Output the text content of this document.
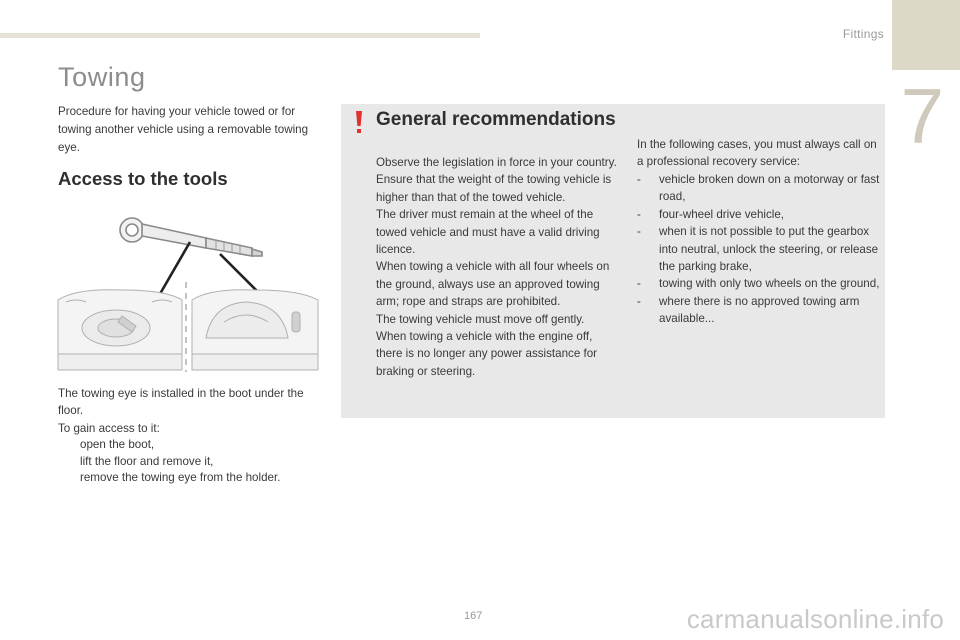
Fittings
7
Towing

Procedure for having your vehicle towed or for towing another vehicle using a removable towing eye.

Access to the tools

The towing eye is installed in the boot under the floor.
To gain access to it:

open the boot,
lift the floor and remove it,
remove the towing eye from the holder.
General recommendations

Observe the legislation in force in your country.
Ensure that the weight of the towing vehicle is higher than that of the towed vehicle.
The driver must remain at the wheel of the towed vehicle and must have a valid driving licence.
When towing a vehicle with all four wheels on the ground, always use an approved towing arm; rope and straps are prohibited.
The towing vehicle must move off gently.
When towing a vehicle with the engine off, there is no longer any power assistance for braking or steering.

In the following cases, you must always call on a professional recovery service:

-	vehicle broken down on a motorway or fast road,
-	four-wheel drive vehicle,
-	when it is not possible to put the gearbox into neutral, unlock the steering, or release the parking brake,
-	towing with only two wheels on the ground,
-	where there is no approved towing arm available...
167	carmanualsonline.info
